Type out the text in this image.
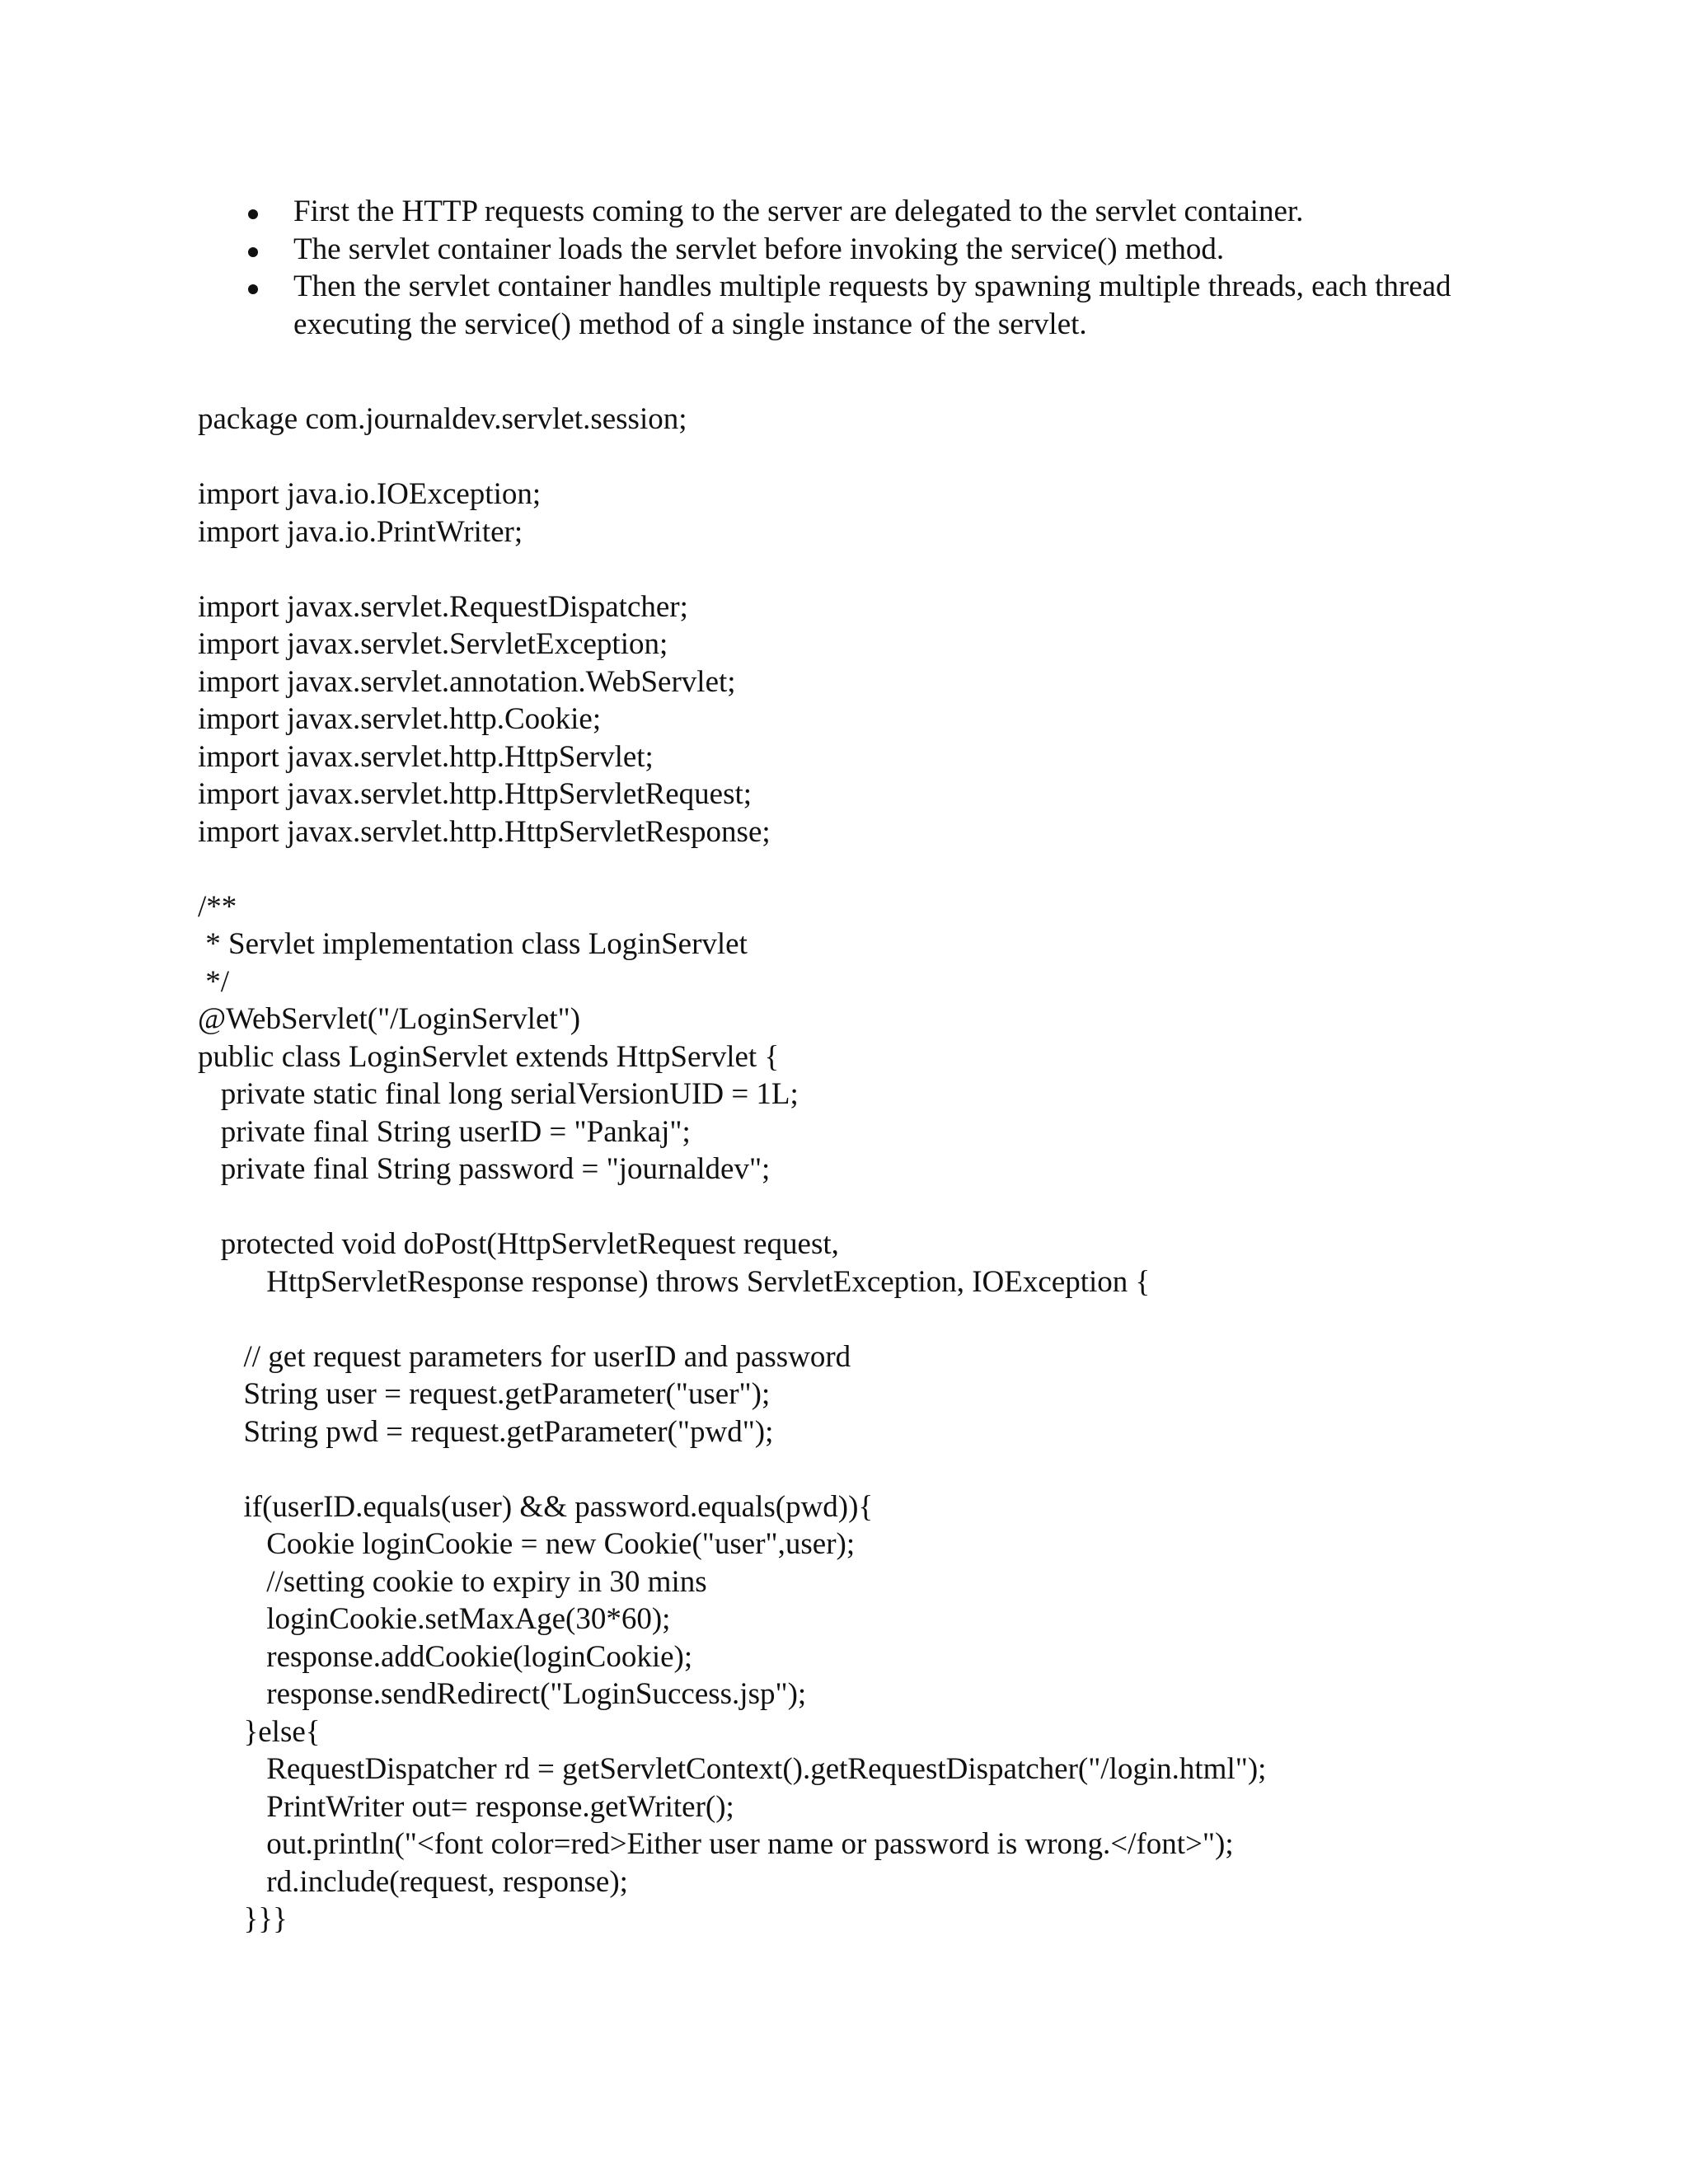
First the HTTP requests coming to the server are delegated to the servlet container.
The servlet container loads the servlet before invoking the service() method.
Then the servlet container handles multiple requests by spawning multiple threads, each thread executing the service() method of a single instance of the servlet.
package com.journaldev.servlet.session;
import java.io.IOException;
import java.io.PrintWriter;
import javax.servlet.RequestDispatcher;
import javax.servlet.ServletException;
import javax.servlet.annotation.WebServlet;
import javax.servlet.http.Cookie;
import javax.servlet.http.HttpServlet;
import javax.servlet.http.HttpServletRequest;
import javax.servlet.http.HttpServletResponse;
/**
* Servlet implementation class LoginServlet
*/
@WebServlet("/LoginServlet")
public class LoginServlet extends HttpServlet {
private static final long serialVersionUID = 1L;
private final String userID = "Pankaj";
private final String password = "journaldev";
protected void doPost(HttpServletRequest request,
HttpServletResponse response) throws ServletException, IOException {
// get request parameters for userID and password
String user = request.getParameter("user");
String pwd = request.getParameter("pwd");
if(userID.equals(user) && password.equals(pwd)){
Cookie loginCookie = new Cookie("user",user);
//setting cookie to expiry in 30 mins
loginCookie.setMaxAge(30*60);
response.addCookie(loginCookie);
response.sendRedirect("LoginSuccess.jsp");
}else{
RequestDispatcher rd = getServletContext().getRequestDispatcher("/login.html");
PrintWriter out= response.getWriter();
out.println("<font color=red>Either user name or password is wrong.</font>");
rd.include(request, response);
}}}
